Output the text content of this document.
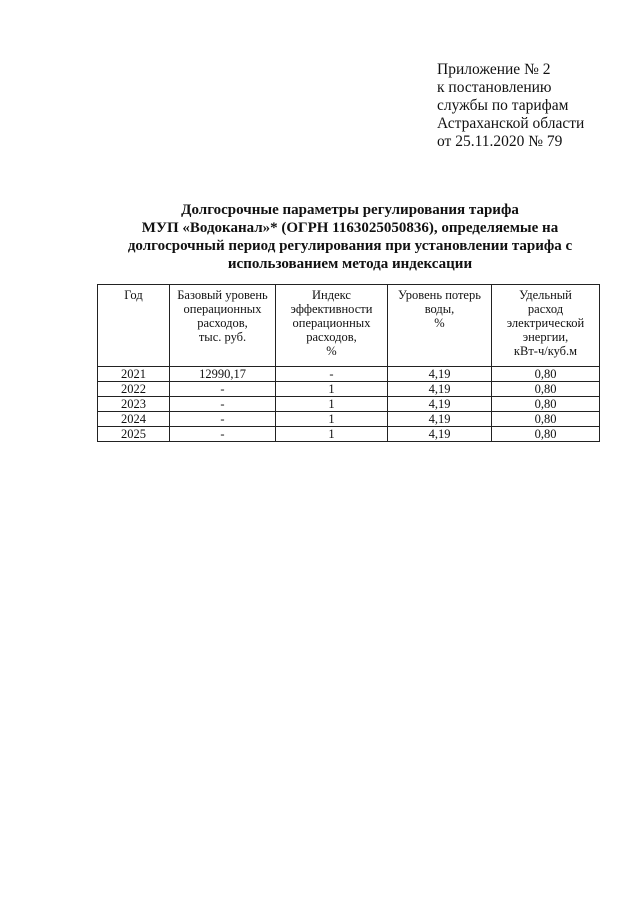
Приложение № 2
к постановлению
службы по тарифам
Астраханской области
от 25.11.2020 № 79
Долгосрочные параметры регулирования тарифа
МУП «Водоканал»* (ОГРН 1163025050836), определяемые на
долгосрочный период регулирования при установлении тарифа с
использованием метода индексации
Год	Базовый уровень
операционных
расходов,
тыс. руб.	Индекс
эффективности
операционных
расходов,
%	Уровень потерь
воды,
%	Удельный
расход
электрической
энергии,
кВт-ч/куб.м

2021	12990,17	-	4,19	0,80
2022	-	1	4,19	0,80
2023	-	1	4,19	0,80
2024	-	1	4,19	0,80
2025	-	1	4,19	0,80
